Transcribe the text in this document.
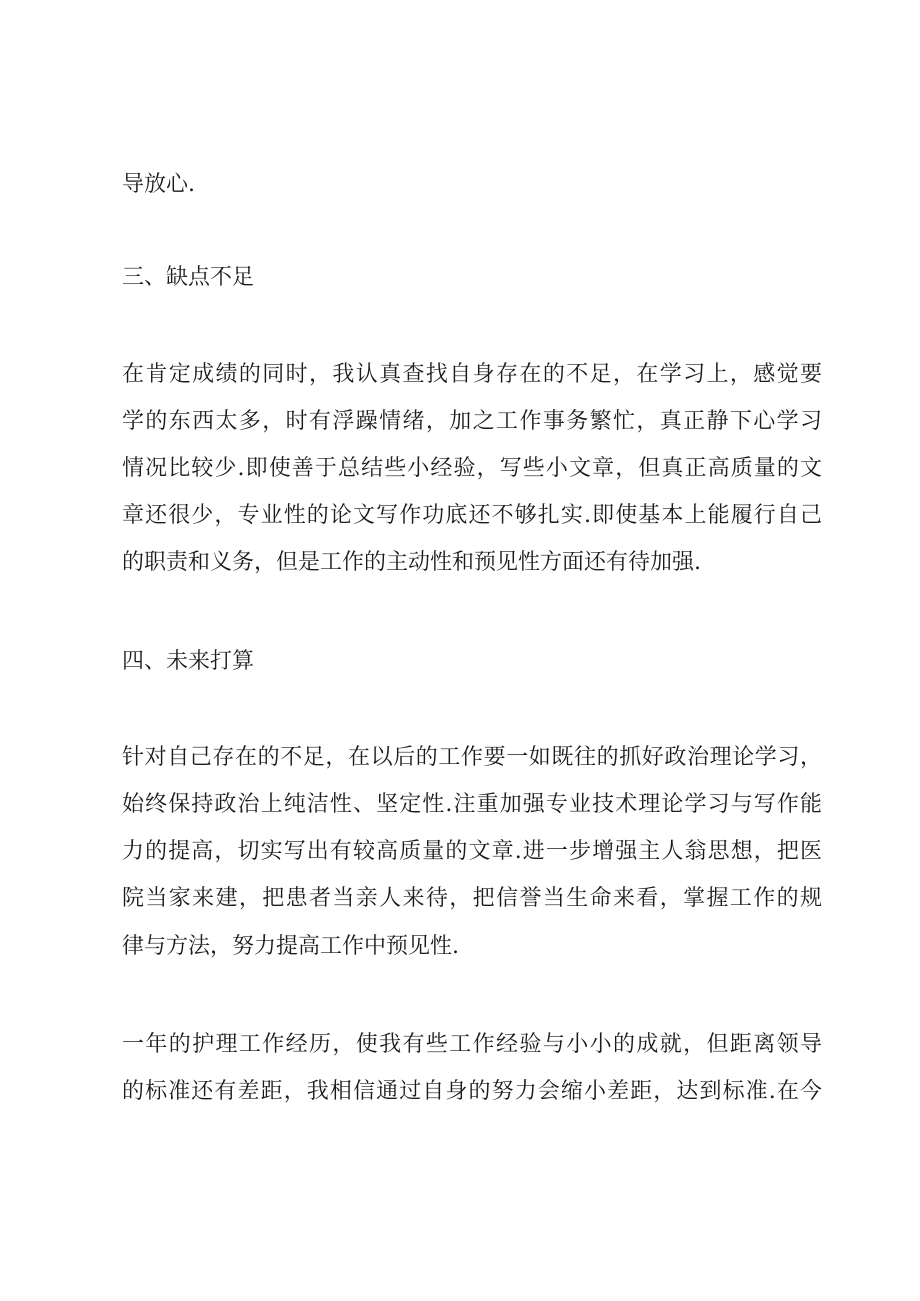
导放心.
三、缺点不足
在肯定成绩的同时，我认真查找自身存在的不足，在学习上，感觉要
学的东西太多，时有浮躁情绪，加之工作事务繁忙，真正静下心学习
情况比较少.即使善于总结些小经验，写些小文章，但真正高质量的文
章还很少，专业性的论文写作功底还不够扎实.即使基本上能履行自己
的职责和义务，但是工作的主动性和预见性方面还有待加强.
四、未来打算
针对自己存在的不足，在以后的工作要一如既往的抓好政治理论学习，
始终保持政治上纯洁性、坚定性.注重加强专业技术理论学习与写作能
力的提高，切实写出有较高质量的文章.进一步增强主人翁思想，把医
院当家来建，把患者当亲人来待，把信誉当生命来看，掌握工作的规
律与方法，努力提高工作中预见性.
一年的护理工作经历，使我有些工作经验与小小的成就，但距离领导
的标准还有差距，我相信通过自身的努力会缩小差距，达到标准.在今
